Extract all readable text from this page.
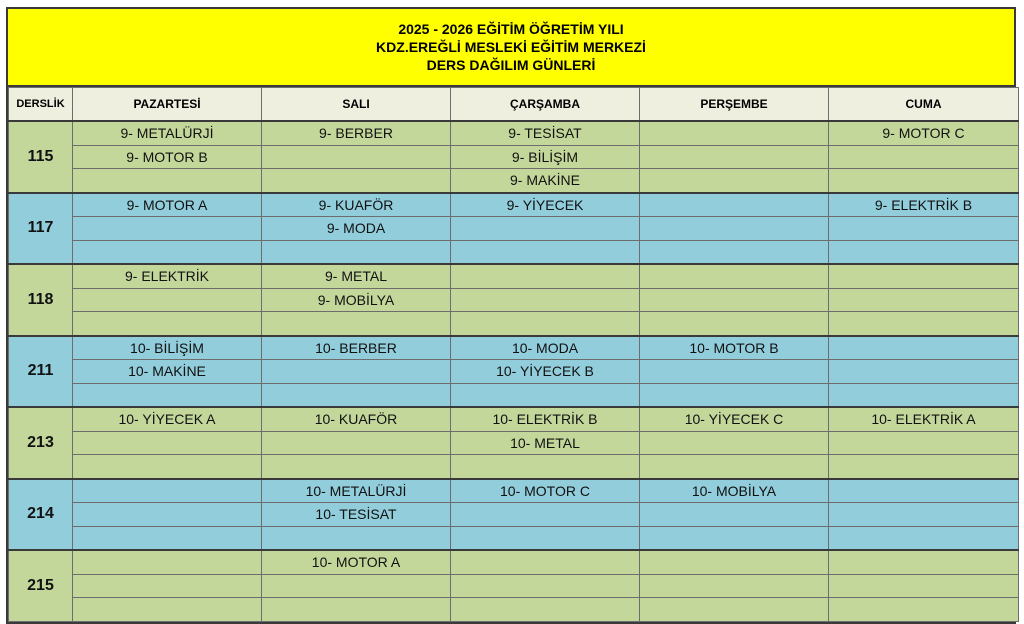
2025 - 2026 EĞİTİM ÖĞRETİM YILI
KDZ.EREĞLİ MESLEKİ EĞİTİM MERKEZİ
DERS DAĞILIM GÜNLERİ
DERSLİK	PAZARTESİ	SALI	ÇARŞAMBA	PERŞEMBE	CUMA
115	9- METALÜRJİ	9- BERBER	9- TESİSAT		9- MOTOR C
	9- MOTOR B		9- BİLİŞİM		
			9- MAKİNE		
117	9- MOTOR A	9- KUAFÖR	9- YİYECEK		9- ELEKTRİK B
		9- MODA			

118	9- ELEKTRİK	9- METAL			
		9- MOBİLYA			

211	10- BİLİŞİM	10- BERBER	10- MODA	10- MOTOR B	
	10- MAKİNE		10- YİYECEK B		

213	10- YİYECEK A	10- KUAFÖR	10- ELEKTRİK B	10- YİYECEK C	10- ELEKTRİK A
			10- METAL		

214		10- METALÜRJİ	10- MOTOR C	10- MOBİLYA	
		10- TESİSAT			

215		10- MOTOR A			
